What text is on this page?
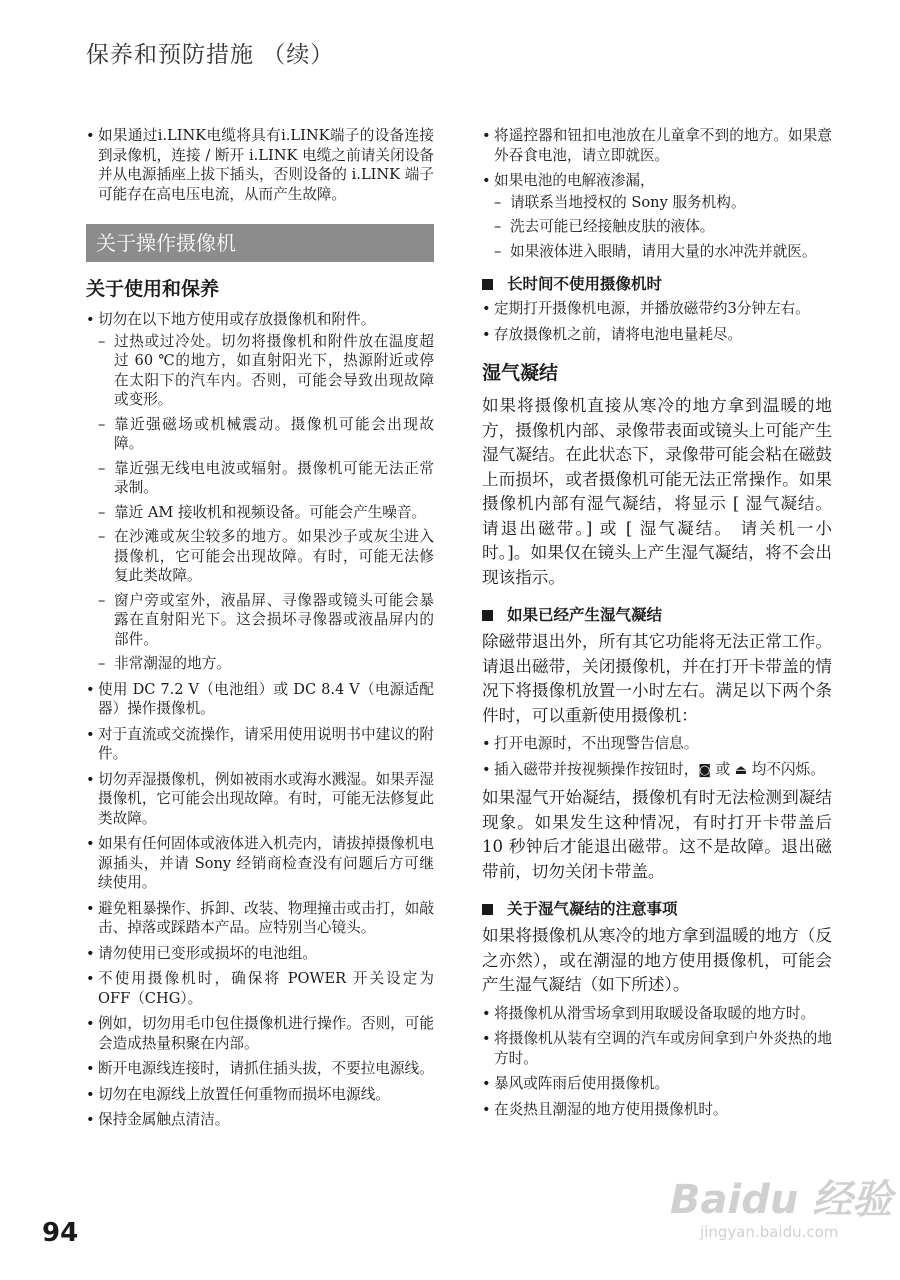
保养和预防措施 （续）
• 如果通过i.LINK电缆将具有i.LINK端子的设备连接到录像机，连接 / 断开 i.LINK 电缆之前请关闭设备并从电源插座上拔下插头，否则设备的 i.LINK 端子可能存在高电压电流，从而产生故障。
关于操作摄像机
关于使用和保养
• 切勿在以下地方使用或存放摄像机和附件。
– 过热或过冷处。切勿将摄像机和附件放在温度超过 60 ℃的地方，如直射阳光下，热源附近或停在太阳下的汽车内。否则，可能会导致出现故障或变形。
– 靠近强磁场或机械震动。摄像机可能会出现故障。
– 靠近强无线电电波或辐射。摄像机可能无法正常录制。
– 靠近 AM 接收机和视频设备。可能会产生噪音。
– 在沙滩或灰尘较多的地方。如果沙子或灰尘进入摄像机，它可能会出现故障。有时，可能无法修复此类故障。
– 窗户旁或室外，液晶屏、寻像器或镜头可能会暴露在直射阳光下。这会损坏寻像器或液晶屏内的部件。
– 非常潮湿的地方。
• 使用 DC 7.2 V（电池组）或 DC 8.4 V（电源适配器）操作摄像机。
• 对于直流或交流操作，请采用使用说明书中建议的附件。
• 切勿弄湿摄像机，例如被雨水或海水溅湿。如果弄湿摄像机，它可能会出现故障。有时，可能无法修复此类故障。
• 如果有任何固体或液体进入机壳内，请拔掉摄像机电源插头，并请 Sony 经销商检查没有问题后方可继续使用。
• 避免粗暴操作、拆卸、改装、物理撞击或击打，如敲击、掉落或踩踏本产品。应特别当心镜头。
• 请勿使用已变形或损坏的电池组。
• 不使用摄像机时，确保将 POWER 开关设定为 OFF（CHG）。
• 例如，切勿用毛巾包住摄像机进行操作。否则，可能会造成热量积聚在内部。
• 断开电源线连接时，请抓住插头拔，不要拉电源线。
• 切勿在电源线上放置任何重物而损坏电源线。
• 保持金属触点清洁。
• 将遥控器和钮扣电池放在儿童拿不到的地方。如果意外吞食电池，请立即就医。
• 如果电池的电解液渗漏，
– 请联系当地授权的 Sony 服务机构。
– 洗去可能已经接触皮肤的液体。
– 如果液体进入眼睛，请用大量的水冲洗并就医。
长时间不使用摄像机时
• 定期打开摄像机电源，并播放磁带约3分钟左右。
• 存放摄像机之前，请将电池电量耗尽。
湿气凝结

如果将摄像机直接从寒冷的地方拿到温暖的地方，摄像机内部、录像带表面或镜头上可能产生湿气凝结。在此状态下，录像带可能会粘在磁鼓上而损坏，或者摄像机可能无法正常操作。如果摄像机内部有湿气凝结，将显示 [ 湿气凝结。 请退出磁带。] 或 [ 湿气凝结。 请关机一小时。]。如果仅在镜头上产生湿气凝结，将不会出现该指示。

如果已经产生湿气凝结

除磁带退出外，所有其它功能将无法正常工作。请退出磁带，关闭摄像机，并在打开卡带盖的情况下将摄像机放置一小时左右。满足以下两个条件时，可以重新使用摄像机：

• 打开电源时，不出现警告信息。
• 插入磁带并按视频操作按钮时，◙ 或 ⏏ 均不闪烁。

如果湿气开始凝结，摄像机有时无法检测到凝结现象。如果发生这种情况，有时打开卡带盖后 10 秒钟后才能退出磁带。这不是故障。退出磁带前，切勿关闭卡带盖。

关于湿气凝结的注意事项

如果将摄像机从寒冷的地方拿到温暖的地方（反之亦然），或在潮湿的地方使用摄像机，可能会产生湿气凝结（如下所述）。

• 将摄像机从滑雪场拿到用取暖设备取暖的地方时。
• 将摄像机从装有空调的汽车或房间拿到户外炎热的地方时。
• 暴风或阵雨后使用摄像机。
• 在炎热且潮湿的地方使用摄像机时。
94
Baidu 经验
jingyan.baidu.com
